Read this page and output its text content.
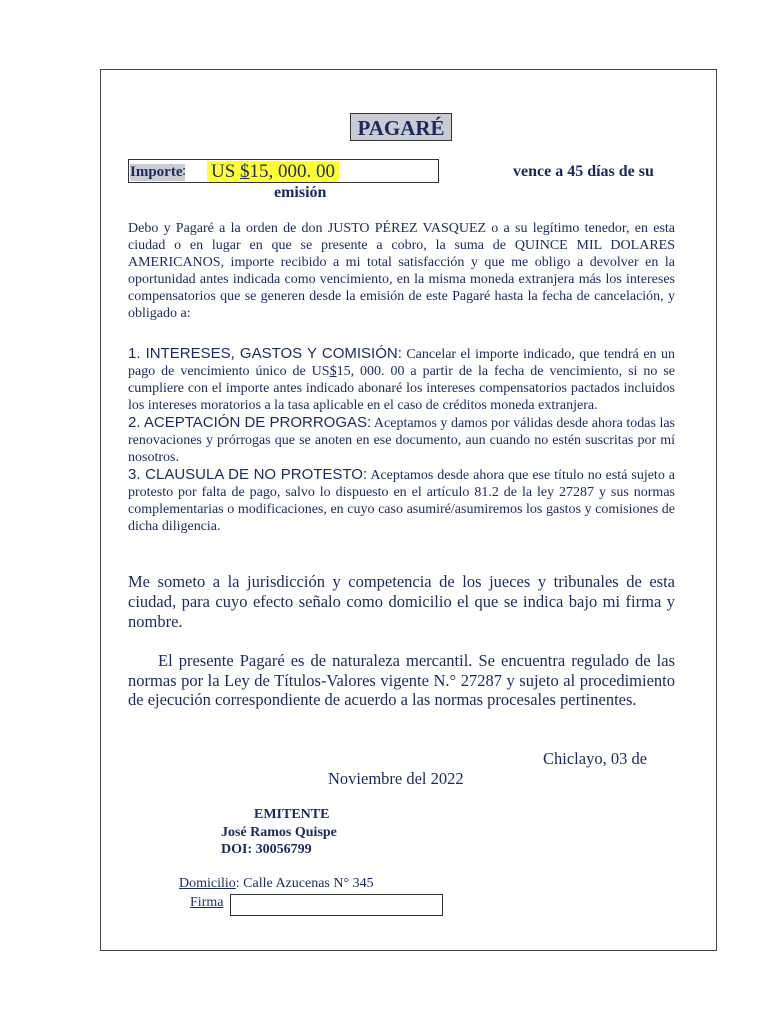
PAGARÉ
Importe : US $15, 000. 00	vence a 45 días de su
emisión
Debo y Pagaré a la orden de don JUSTO PÉREZ VASQUEZ o a su legítimo tenedor, en esta ciudad o en lugar en que se presente a cobro, la suma de QUINCE MIL DOLARES AMERICANOS, importe recibido a mi total satisfacción y que me obligo a devolver en la oportunidad antes indicada como vencimiento, en la misma moneda extranjera más los intereses compensatorios que se generen desde la emisión de este Pagaré hasta la fecha de cancelación, y obligado a:

1. INTERESES, GASTOS Y COMISIÓN: Cancelar el importe indicado, que tendrá en un pago de vencimiento único de US$15, 000. 00 a partir de la fecha de vencimiento, si no se cumpliere con el importe antes indicado abonaré los intereses compensatorios pactados incluidos los intereses moratorios a la tasa aplicable en el caso de créditos moneda extranjera.

2. ACEPTACIÓN DE PRORROGAS: Aceptamos y damos por válidas desde ahora todas las renovaciones y prórrogas que se anoten en ese documento, aun cuando no estén suscritas por mí nosotros.

3. CLAUSULA DE NO PROTESTO: Aceptamos desde ahora que ese título no está sujeto a protesto por falta de pago, salvo lo dispuesto en el artículo 81.2 de la ley 27287 y sus normas complementarias o modificaciones, en cuyo caso asumiré/asumiremos los gastos y comisiones de dicha diligencia.

Me someto a la jurisdicción y competencia de los jueces y tribunales de esta ciudad, para cuyo efecto señalo como domicilio el que se indica bajo mi firma y nombre.
El presente Pagaré es de naturaleza mercantil. Se encuentra regulado de las normas por la Ley de Títulos-Valores vigente N.° 27287 y sujeto al procedimiento de ejecución correspondiente de acuerdo a las normas procesales pertinentes.
Chiclayo, 03 de
Noviembre del 2022
EMITENTE
José Ramos Quispe
DOI: 30056799
Domicilio: Calle Azucenas N° 345
Firma
